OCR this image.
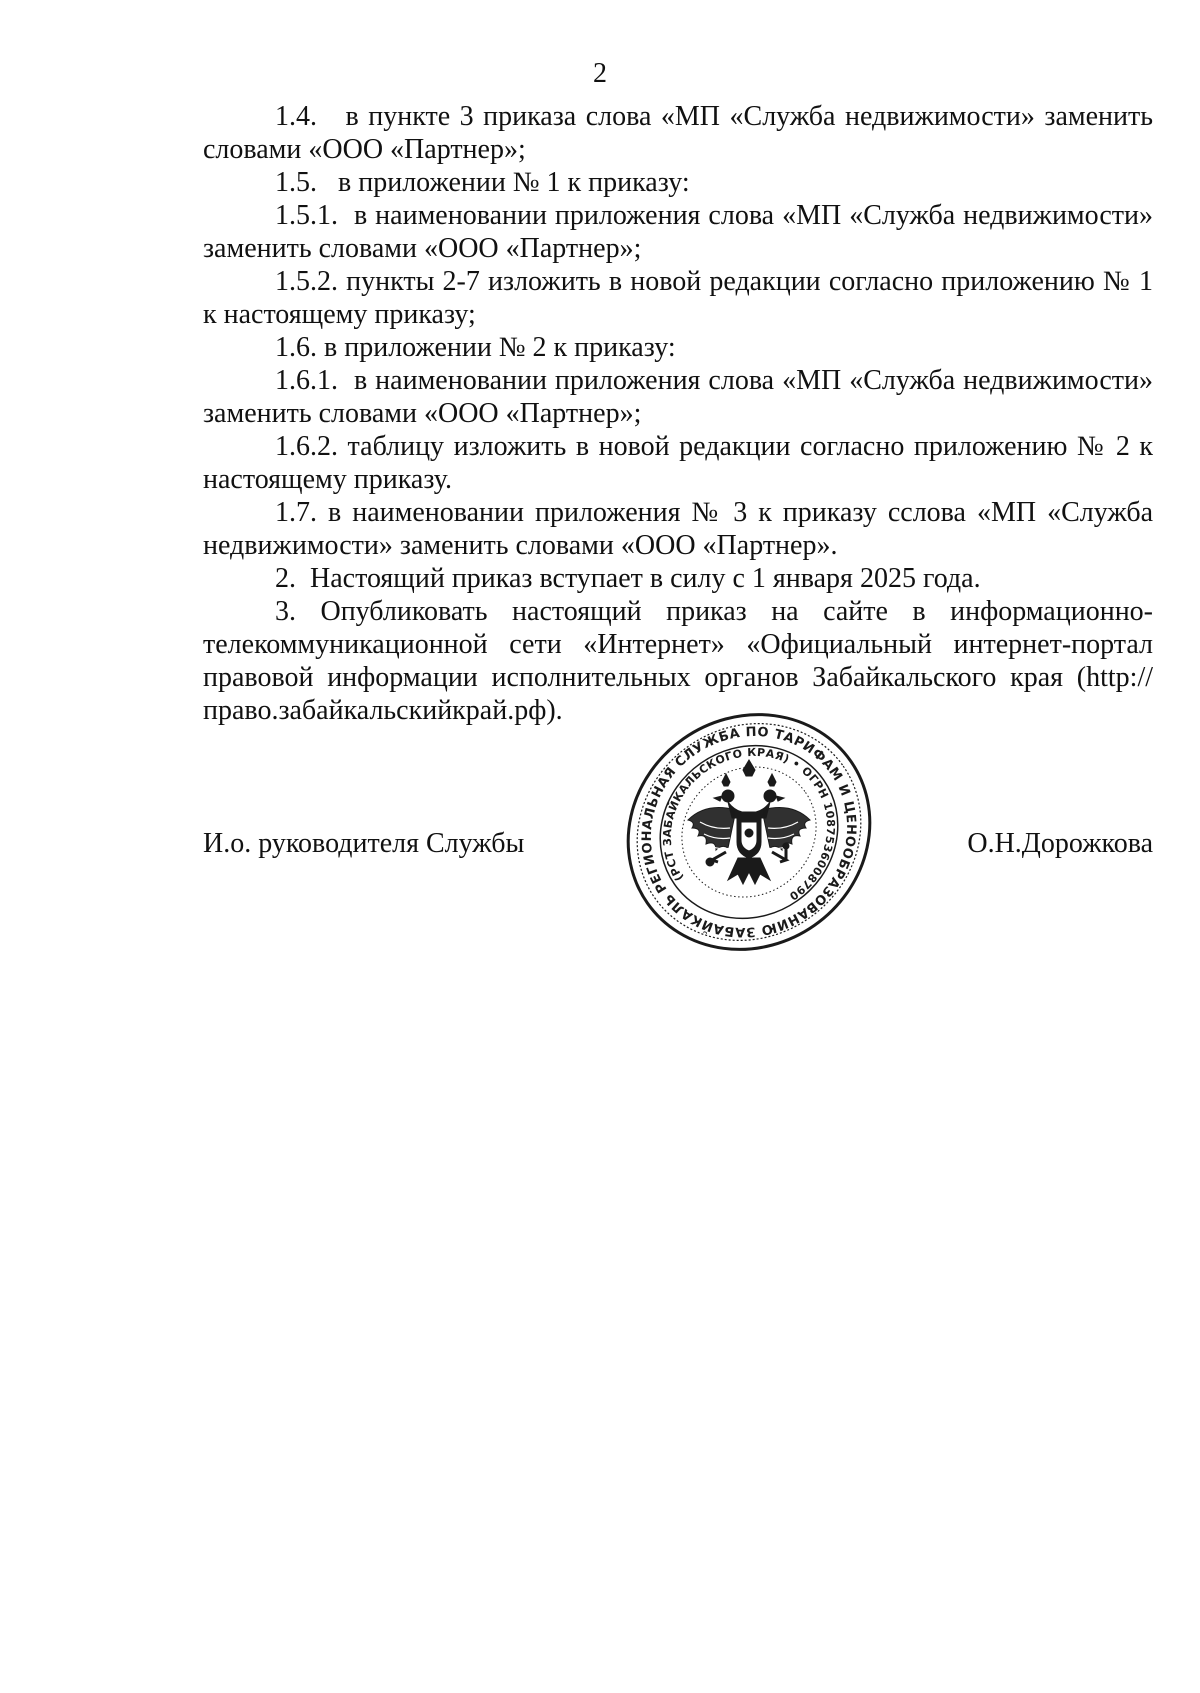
2

1.4.   в пункте 3 приказа слова «МП «Служба недвижимости» заменить словами «ООО «Партнер»;

1.5.   в приложении № 1 к приказу:

1.5.1.  в наименовании приложения слова «МП «Служба недвижимости» заменить словами «ООО «Партнер»;

1.5.2. пункты 2-7 изложить в новой редакции согласно приложению № 1 к настоящему приказу;

1.6. в приложении № 2 к приказу:

1.6.1.  в наименовании приложения слова «МП «Служба недвижимости» заменить словами «ООО «Партнер»;

1.6.2. таблицу изложить в новой редакции согласно приложению № 2 к настоящему приказу.

1.7. в наименовании приложения № 3 к приказу сслова «МП «Служба недвижимости» заменить словами «ООО «Партнер».

2.  Настоящий приказ вступает в силу с 1 января 2025 года.

3. Опубликовать настоящий приказ на сайте в информационно-телекоммуникационной сети «Интернет» «Официальный интернет-портал правовой информации исполнительных органов Забайкальского края (http://право.забайкальскийкрай.рф).

И.о. руководителя Службы	О.Н.Дорожкова
РЕГИОНАЛЬНАЯ СЛУЖБА ПО ТАРИФАМ И ЦЕНООБРАЗОВАНИЮ ЗАБАЙКАЛЬСКОГО
(РСТ ЗАБАЙКАЛЬСКОГО КРАЯ) • ОГРН 1087536008790
